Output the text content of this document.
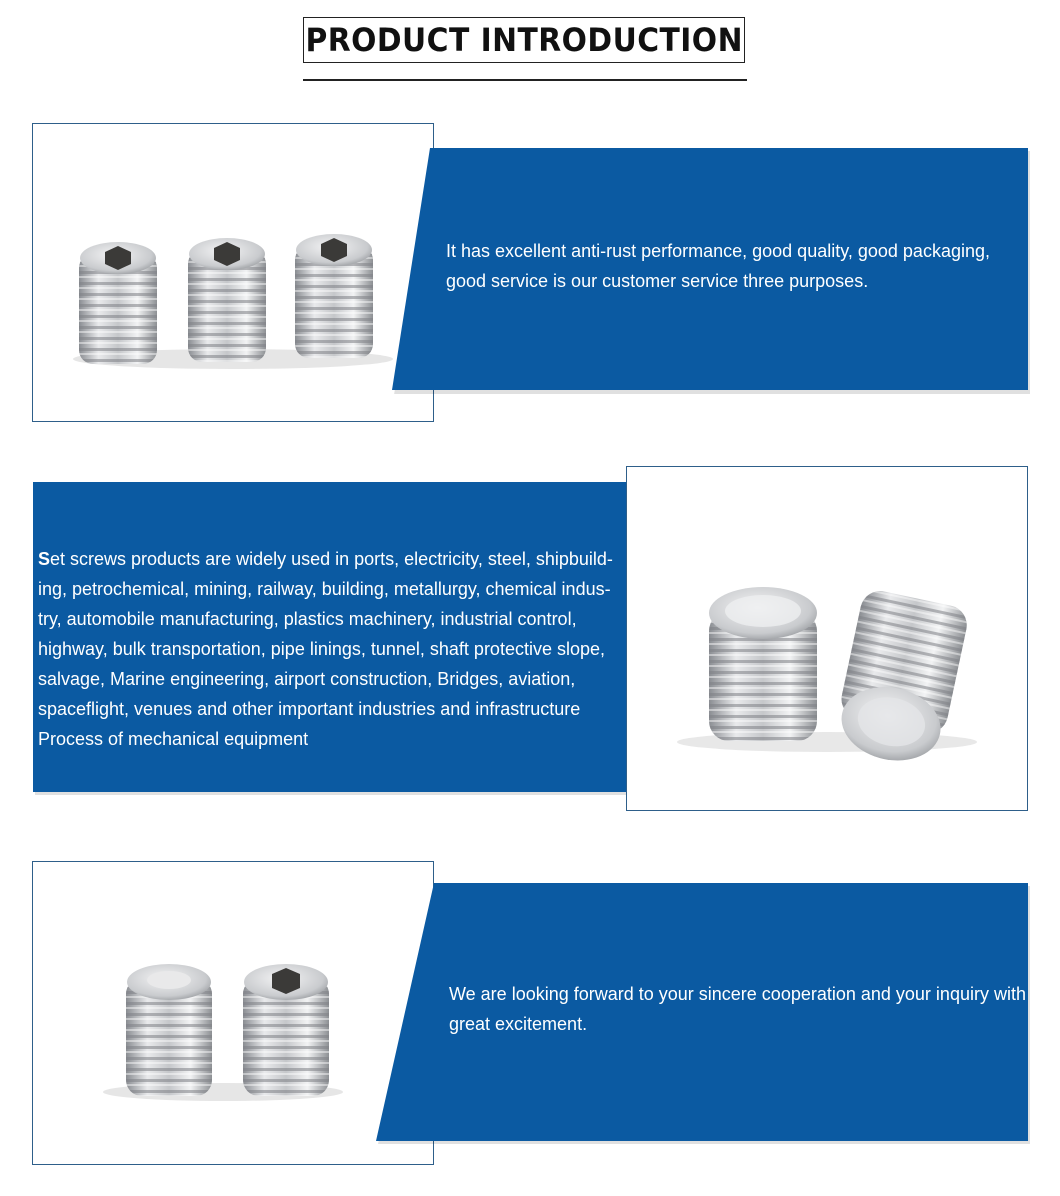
PRODUCT INTRODUCTION
It has excellent anti-rust performance, good quality, good packaging,
good service is our customer service three purposes.
Set screws products are widely used in ports, electricity, steel, shipbuild-
ing, petrochemical, mining, railway, building, metallurgy, chemical indus-
try, automobile manufacturing, plastics machinery, industrial control,
highway, bulk transportation, pipe linings, tunnel, shaft protective slope,
salvage, Marine engineering, airport construction, Bridges, aviation,
spaceflight, venues and other important industries and infrastructure
Process of mechanical equipment
We are looking forward to your sincere cooperation and your inquiry with
great excitement.
